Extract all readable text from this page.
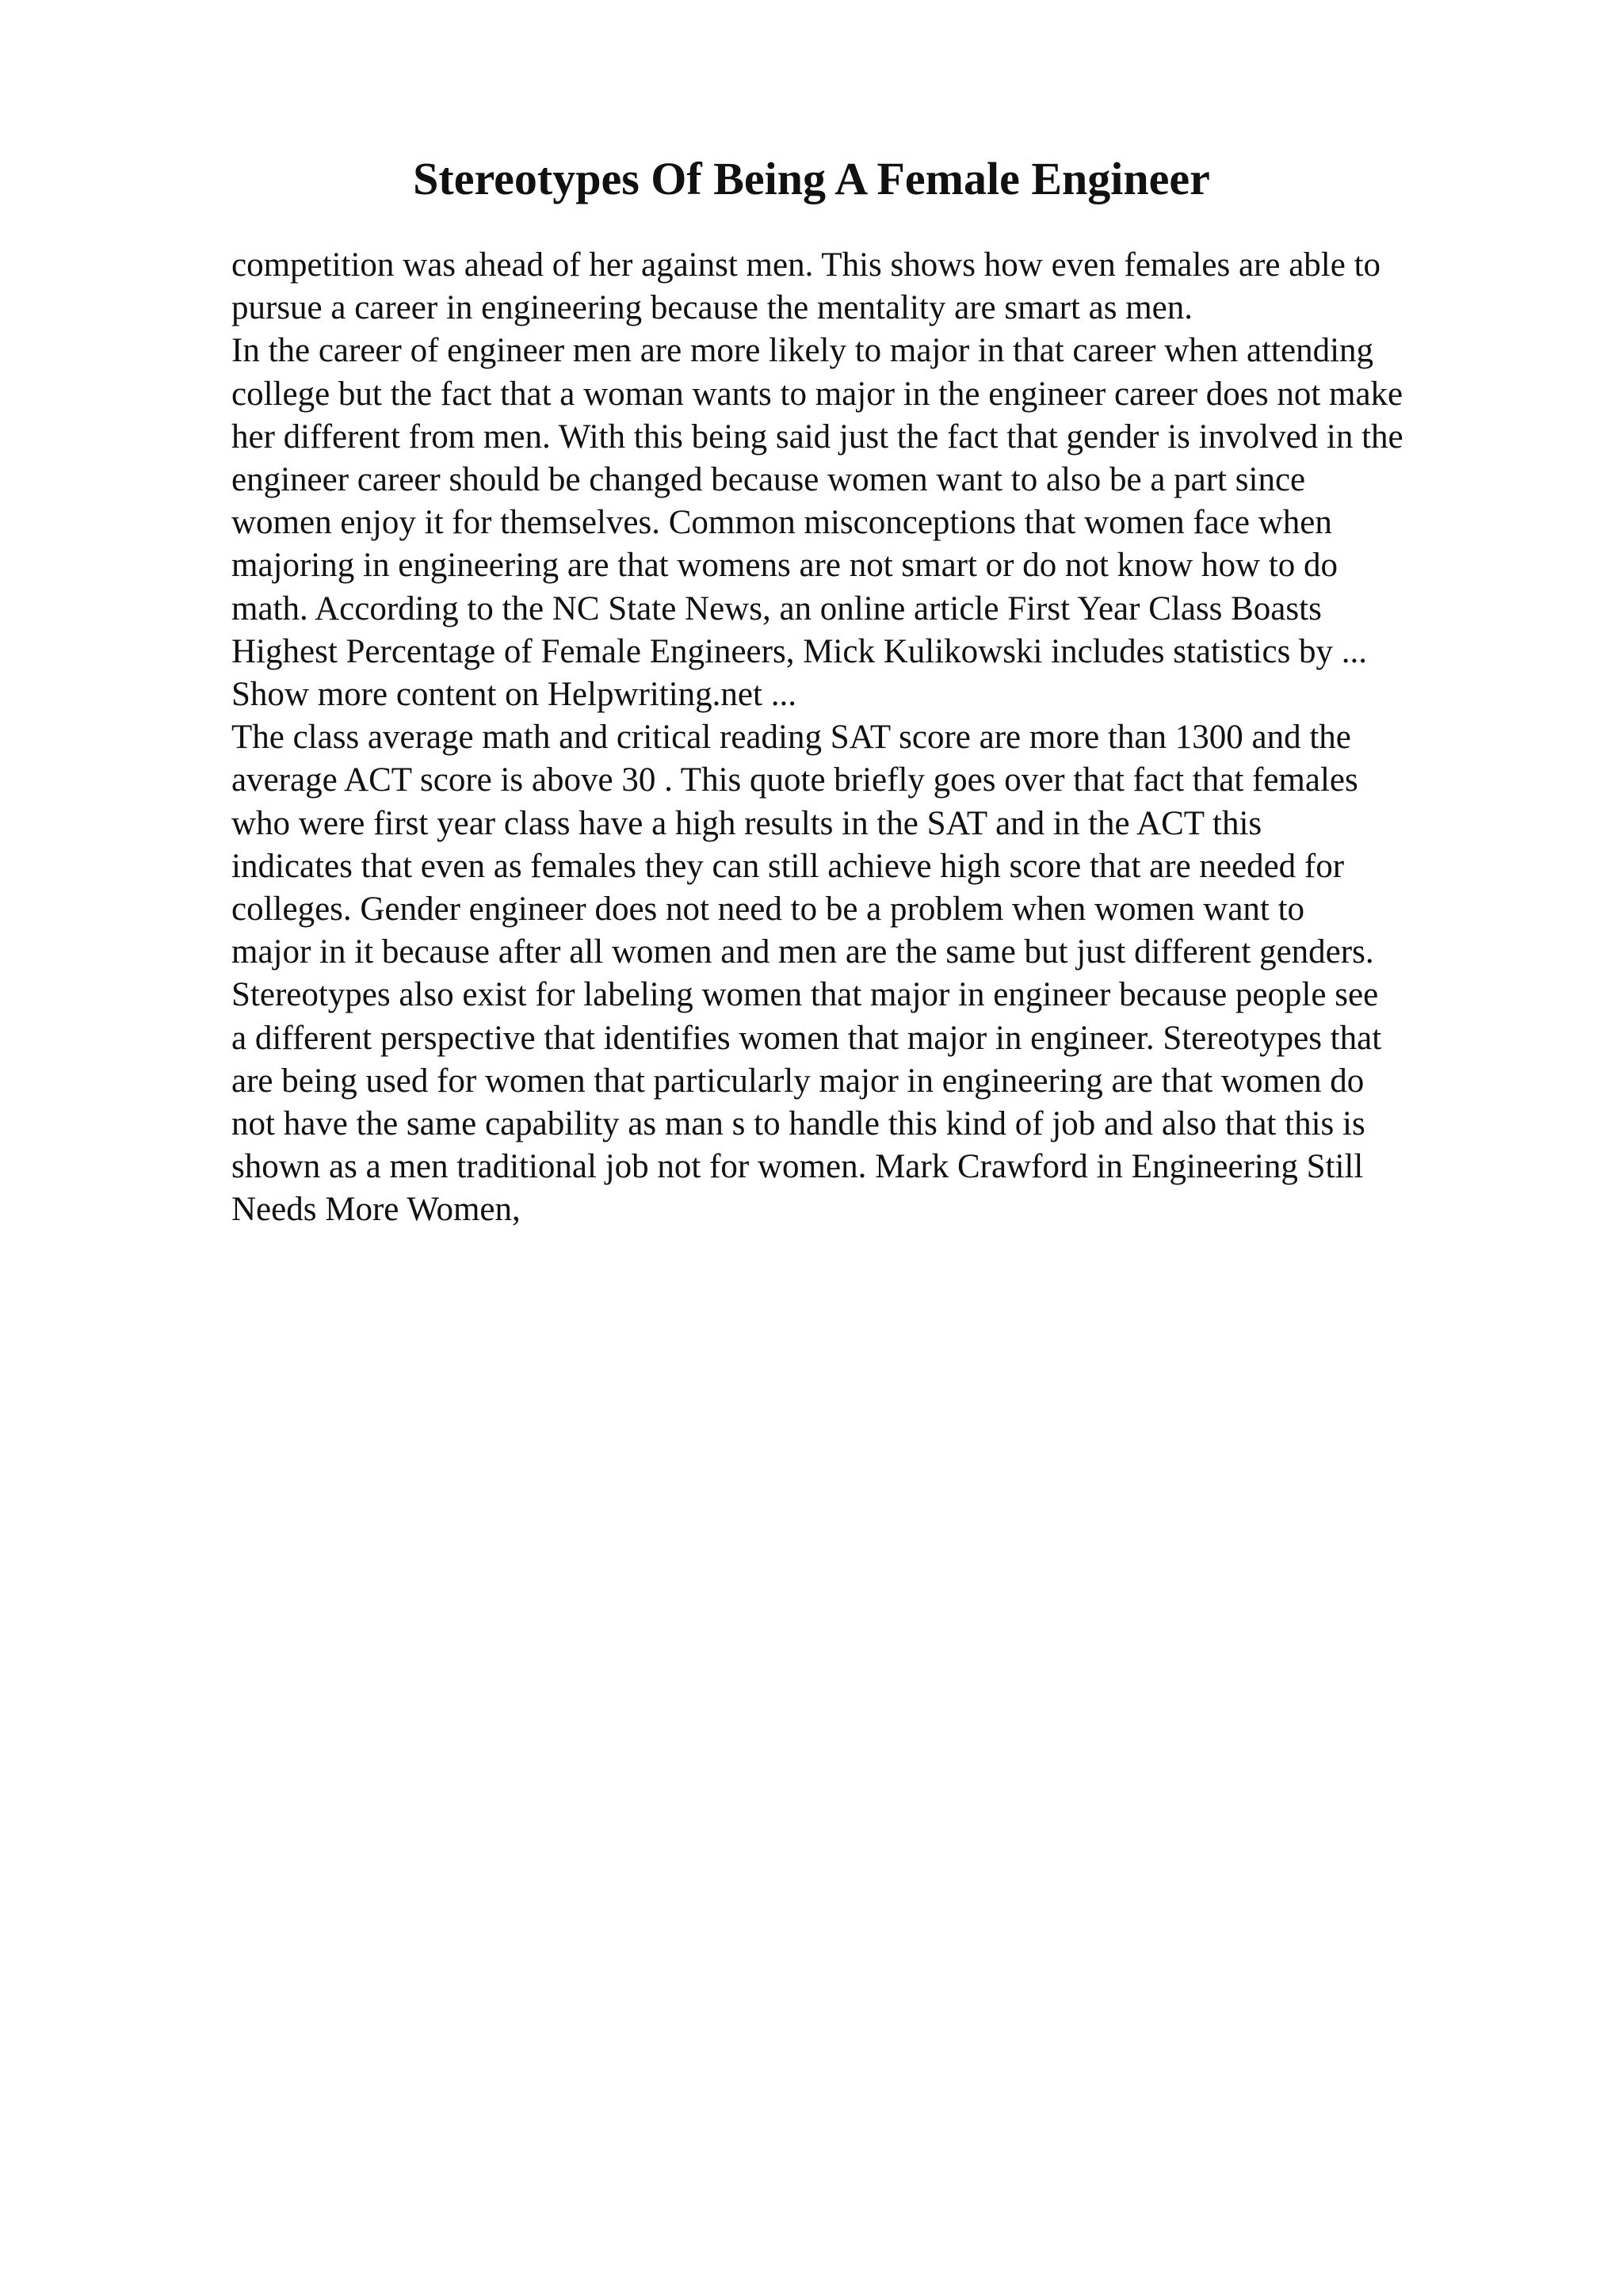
Stereotypes Of Being A Female Engineer
competition was ahead of her against men. This shows how even females are able to
pursue a career in engineering because the mentality are smart as men.
In the career of engineer men are more likely to major in that career when attending
college but the fact that a woman wants to major in the engineer career does not make
her different from men. With this being said just the fact that gender is involved in the
engineer career should be changed because women want to also be a part since
women enjoy it for themselves. Common misconceptions that women face when
majoring in engineering are that womens are not smart or do not know how to do
math. According to the NC State News, an online article First Year Class Boasts
Highest Percentage of Female Engineers, Mick Kulikowski includes statistics by ...
Show more content on Helpwriting.net ...
The class average math and critical reading SAT score are more than 1300 and the
average ACT score is above 30 . This quote briefly goes over that fact that females
who were first year class have a high results in the SAT and in the ACT this
indicates that even as females they can still achieve high score that are needed for
colleges. Gender engineer does not need to be a problem when women want to
major in it because after all women and men are the same but just different genders.
Stereotypes also exist for labeling women that major in engineer because people see
a different perspective that identifies women that major in engineer. Stereotypes that
are being used for women that particularly major in engineering are that women do
not have the same capability as man s to handle this kind of job and also that this is
shown as a men traditional job not for women. Mark Crawford in Engineering Still
Needs More Women,
